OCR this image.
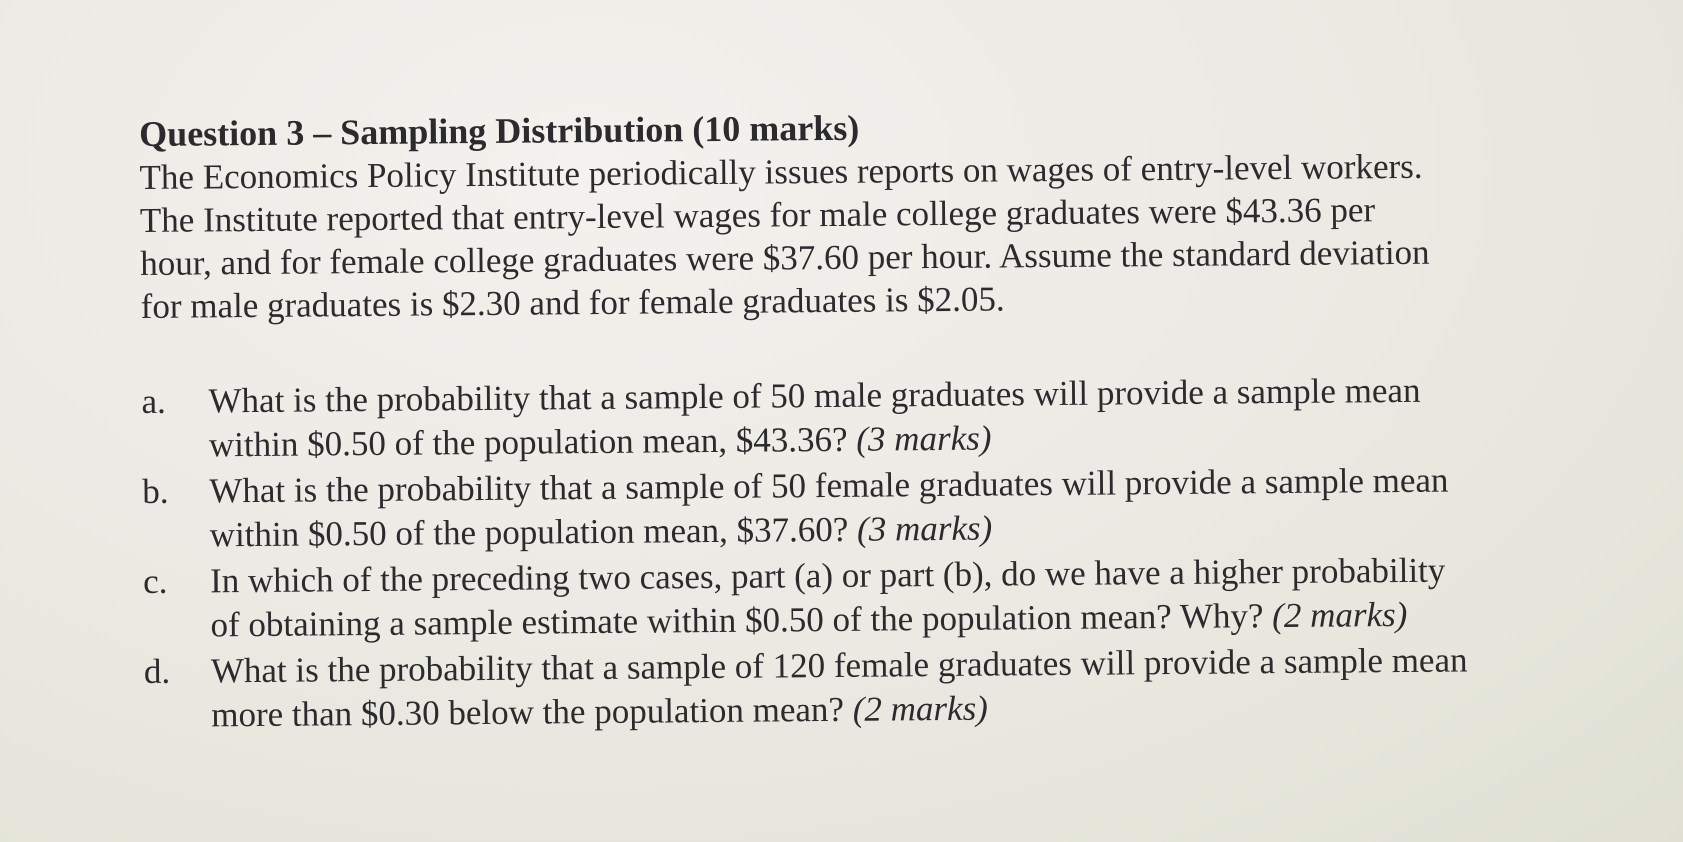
Question 3 – Sampling Distribution (10 marks)
The Economics Policy Institute periodically issues reports on wages of entry-level workers.
The Institute reported that entry-level wages for male college graduates were $43.36 per
hour, and for female college graduates were $37.60 per hour. Assume the standard deviation
for male graduates is $2.30 and for female graduates is $2.05.
a. What is the probability that a sample of 50 male graduates will provide a sample mean
within $0.50 of the population mean, $43.36? (3 marks)
b. What is the probability that a sample of 50 female graduates will provide a sample mean
within $0.50 of the population mean, $37.60? (3 marks)
c. In which of the preceding two cases, part (a) or part (b), do we have a higher probability
of obtaining a sample estimate within $0.50 of the population mean? Why? (2 marks)
d. What is the probability that a sample of 120 female graduates will provide a sample mean
more than $0.30 below the population mean? (2 marks)
